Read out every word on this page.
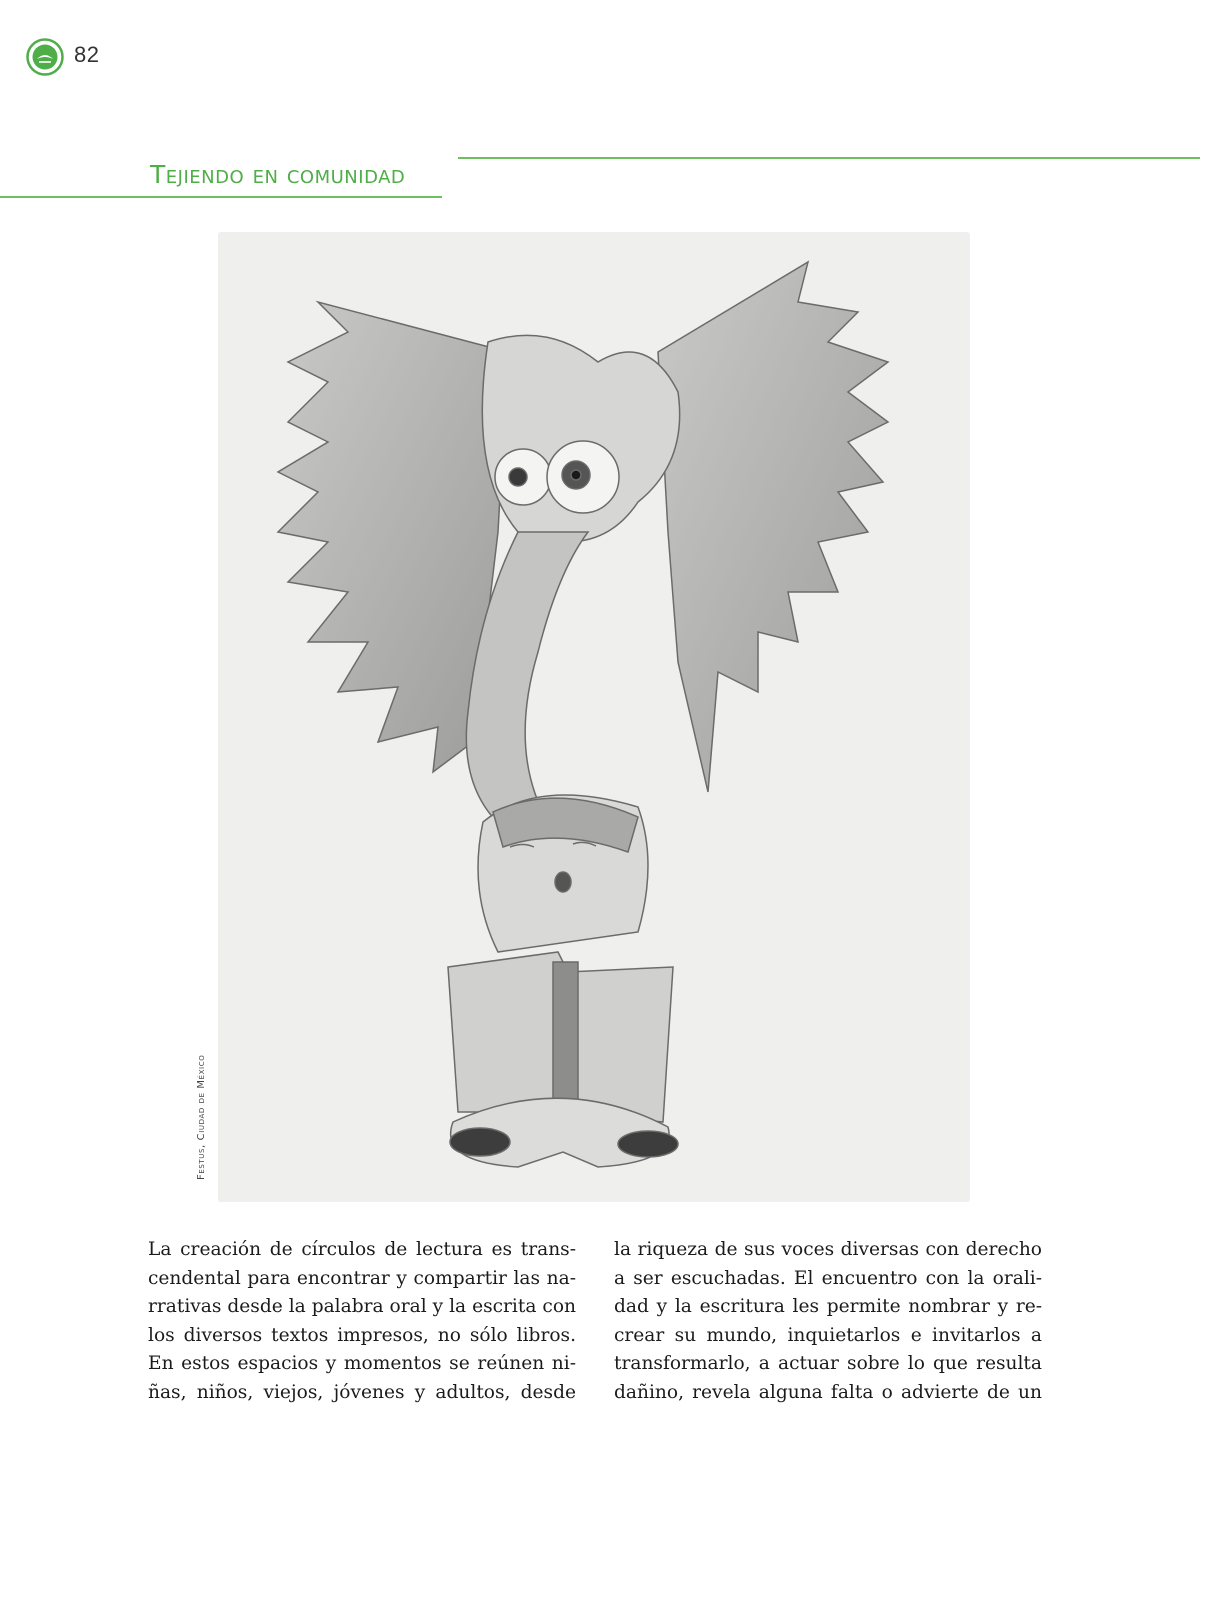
82
Tejiendo en comunidad
Festus, Ciudad de México
La creación de círculos de lectura es trans-
cendental para encontrar y compartir las na-
rrativas desde la palabra oral y la escrita con
los diversos textos impresos, no sólo libros.
En estos espacios y momentos se reúnen ni-
ñas, niños, viejos, jóvenes y adultos, desde
la riqueza de sus voces diversas con derecho
a ser escuchadas. El encuentro con la orali-
dad y la escritura les permite nombrar y re-
crear su mundo, inquietarlos e invitarlos a
transformarlo, a actuar sobre lo que resulta
dañino, revela alguna falta o advierte de un
